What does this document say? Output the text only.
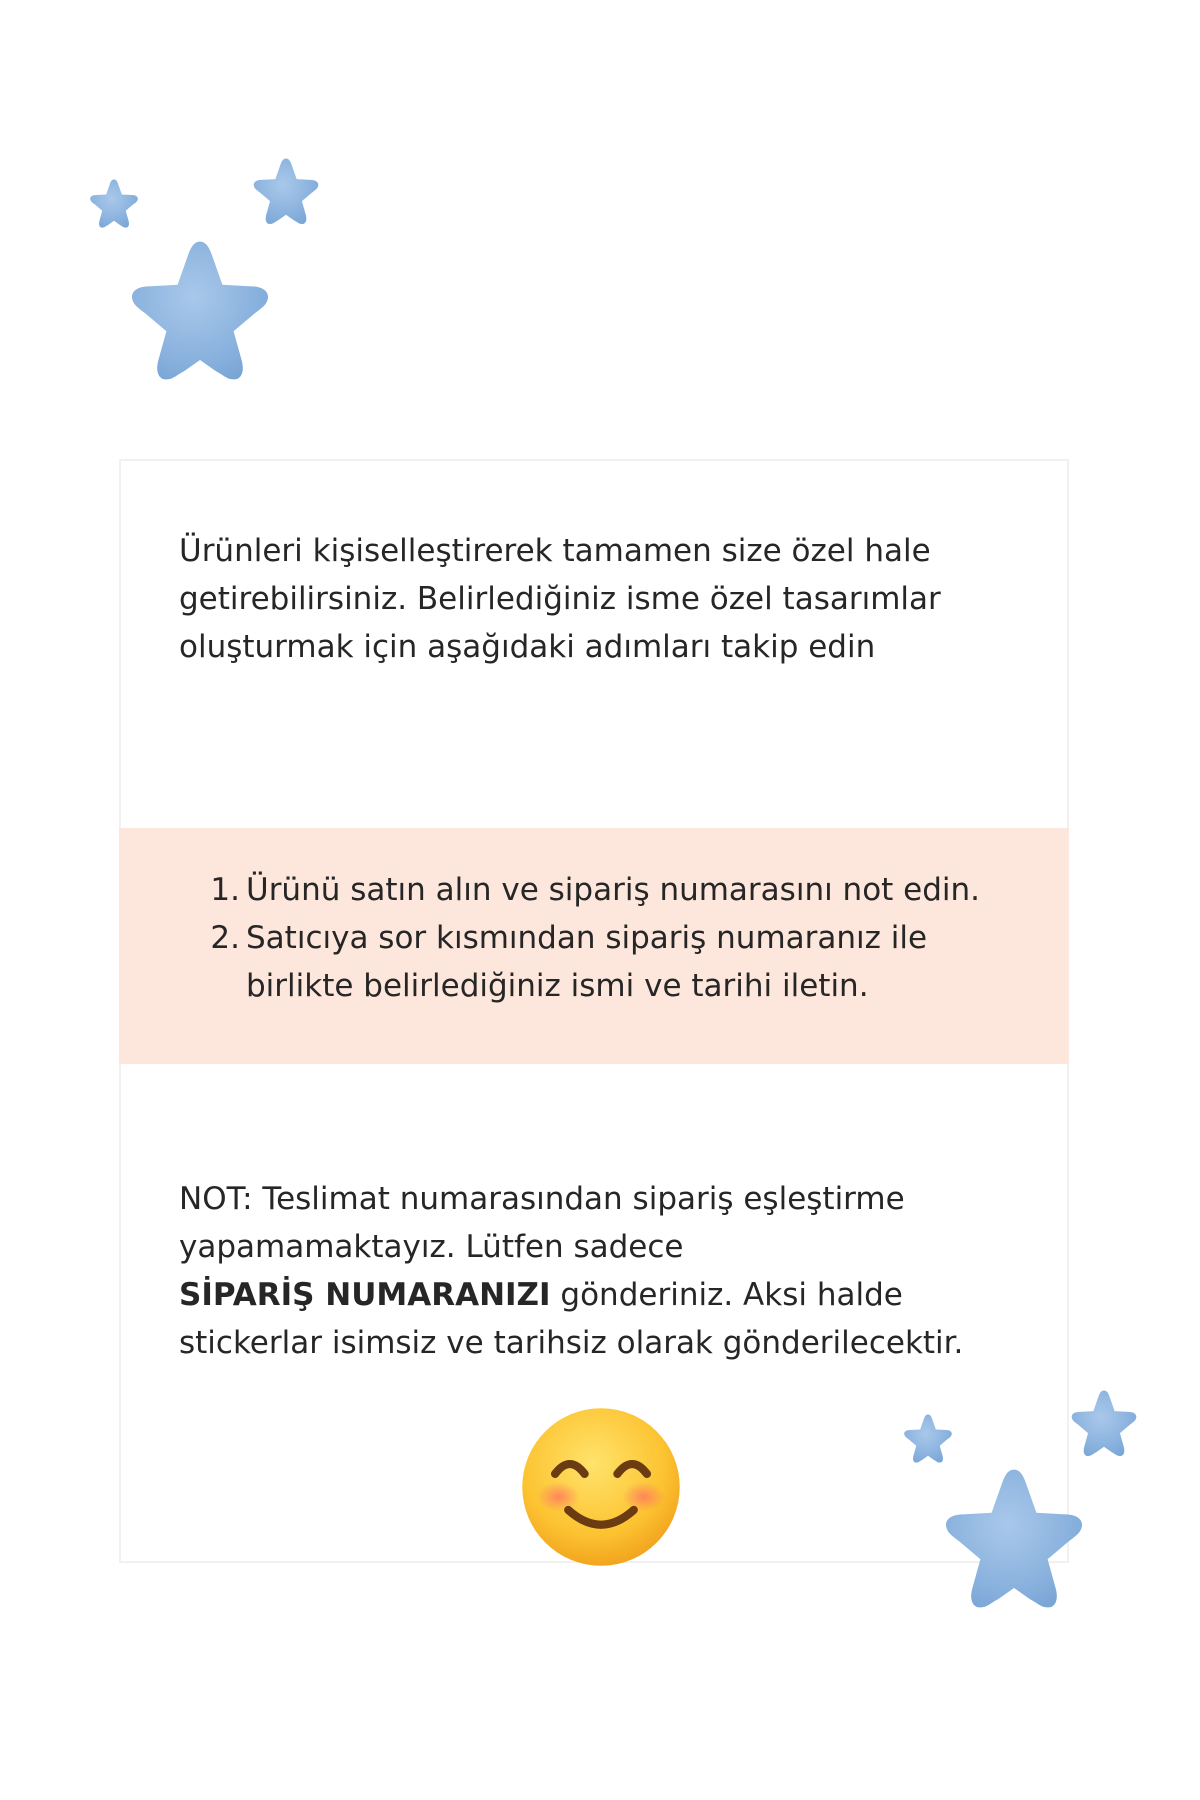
Ürünleri kişiselleştirerek tamamen size özel hale getirebilirsiniz. Belirlediğiniz isme özel tasarımlar oluşturmak için aşağıdaki adımları takip edin

1. Ürünü satın alın ve sipariş numarasını not edin.
2. Satıcıya sor kısmından sipariş numaranız ile birlikte belirlediğiniz ismi ve tarihi iletin.

NOT: Teslimat numarasından sipariş eşleştirme yapamamaktayız. Lütfen sadece
SİPARİŞ NUMARANIZI gönderiniz. Aksi halde stickerlar isimsiz ve tarihsiz olarak gönderilecektir.
